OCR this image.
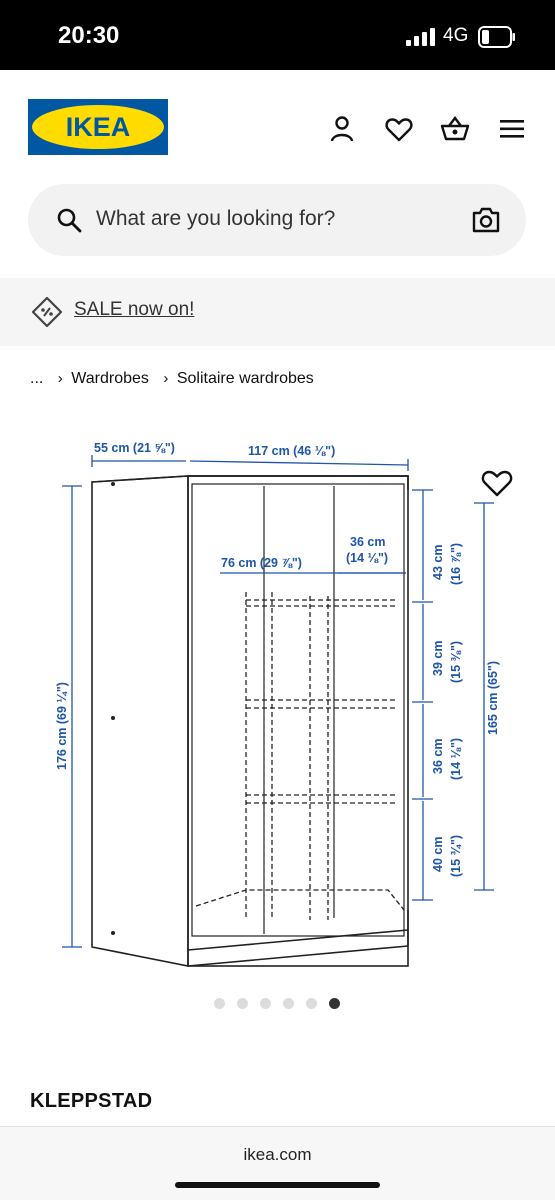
20:30	4G
IKEA
What are you looking for?
SALE now on!
... › Wardrobes › Solitaire wardrobes
55 cm (21 ⅝")	117 cm (46 ⅛")
36 cm
(14 ⅛")
76 cm (29 ⅞")
176 cm (69 ¼")	165 cm (65")
43 cm (16 ⅞")
39 cm (15 ⅜")
36 cm (14 ⅛")
40 cm (15 ¾")
KLEPPSTAD
ikea.com
